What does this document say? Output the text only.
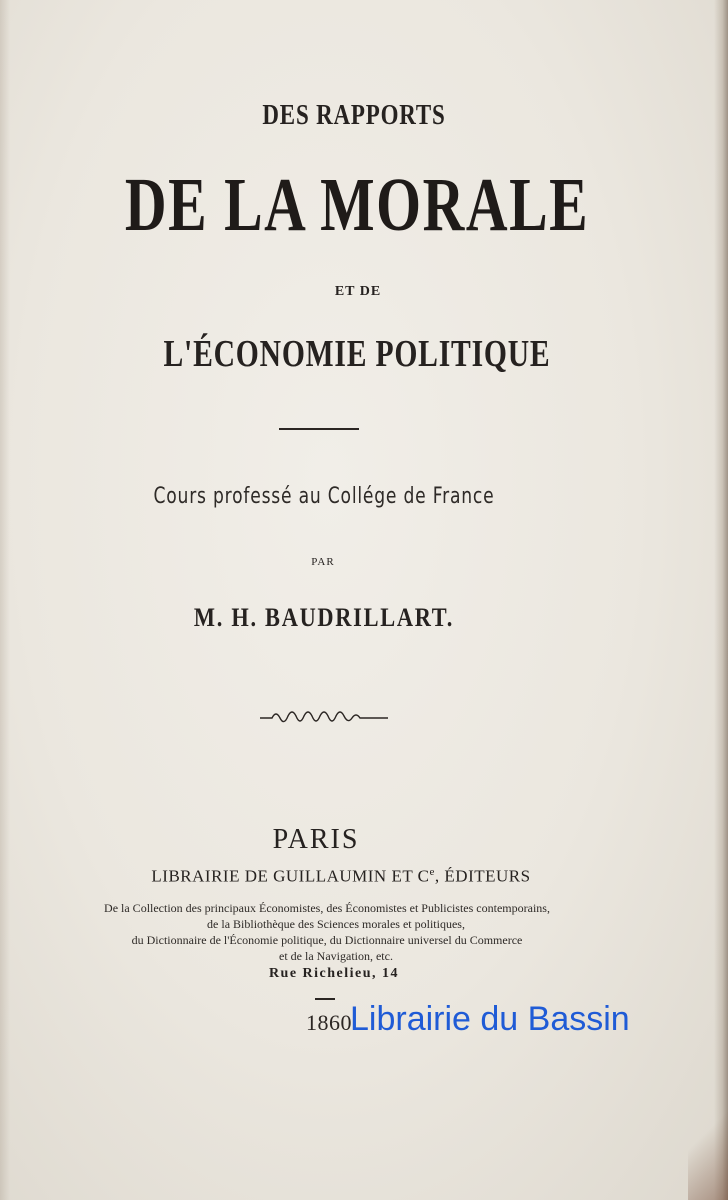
DES RAPPORTS
DE LA MORALE
ET DE
L'ÉCONOMIE POLITIQUE
Cours professé au Collége de France
PAR
M. H. BAUDRILLART.
PARIS
LIBRAIRIE DE GUILLAUMIN ET Ce, ÉDITEURS
De la Collection des principaux Économistes, des Économistes et Publicistes contemporains,
de la Bibliothèque des Sciences morales et politiques,
du Dictionnaire de l'Économie politique, du Dictionnaire universel du Commerce
et de la Navigation, etc.
Rue Richelieu, 14
1860
Librairie du Bassin
